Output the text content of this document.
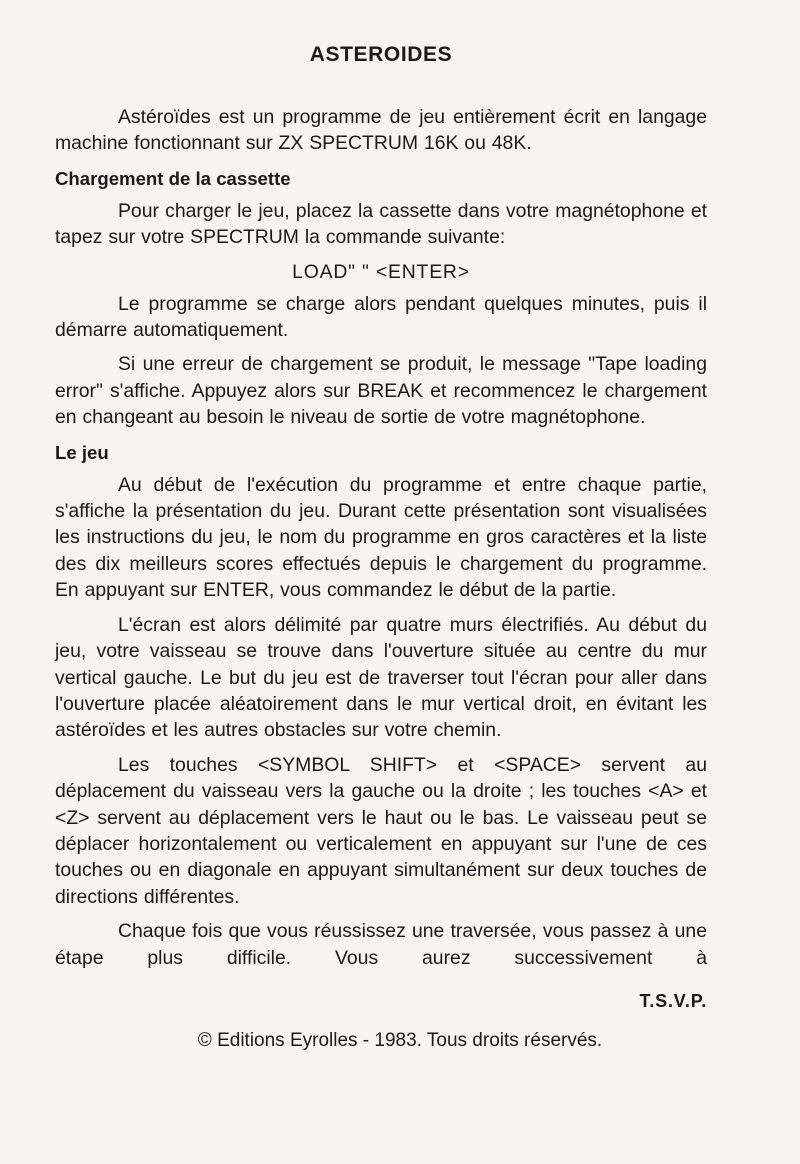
ASTEROIDES

Astéroïdes est un programme de jeu entièrement écrit en langage machine fonctionnant sur ZX SPECTRUM 16K ou 48K.

Chargement de la cassette

Pour charger le jeu, placez la cassette dans votre magnétophone et tapez sur votre SPECTRUM la commande suivante:

LOAD" " <ENTER>

Le programme se charge alors pendant quelques minutes, puis il démarre automatiquement.

Si une erreur de chargement se produit, le message "Tape loading error" s'affiche. Appuyez alors sur BREAK et recommencez le chargement en changeant au besoin le niveau de sortie de votre magnétophone.

Le jeu

Au début de l'exécution du programme et entre chaque partie, s'affiche la présentation du jeu. Durant cette présentation sont visualisées les instructions du jeu, le nom du programme en gros caractères et la liste des dix meilleurs scores effectués depuis le chargement du programme. En appuyant sur ENTER, vous commandez le début de la partie.

L'écran est alors délimité par quatre murs électrifiés. Au début du jeu, votre vaisseau se trouve dans l'ouverture située au centre du mur vertical gauche. Le but du jeu est de traverser tout l'écran pour aller dans l'ouverture placée aléatoirement dans le mur vertical droit, en évitant les astéroïdes et les autres obstacles sur votre chemin.

Les touches <SYMBOL SHIFT> et <SPACE> servent au déplacement du vaisseau vers la gauche ou la droite ; les touches <A> et <Z> servent au déplacement vers le haut ou le bas. Le vaisseau peut se déplacer horizontalement ou verticalement en appuyant sur l'une de ces touches ou en diagonale en appuyant simultanément sur deux touches de directions différentes.

Chaque fois que vous réussissez une traversée, vous passez à une étape plus difficile. Vous aurez successivement à

T.S.V.P.
© Editions Eyrolles - 1983. Tous droits réservés.
